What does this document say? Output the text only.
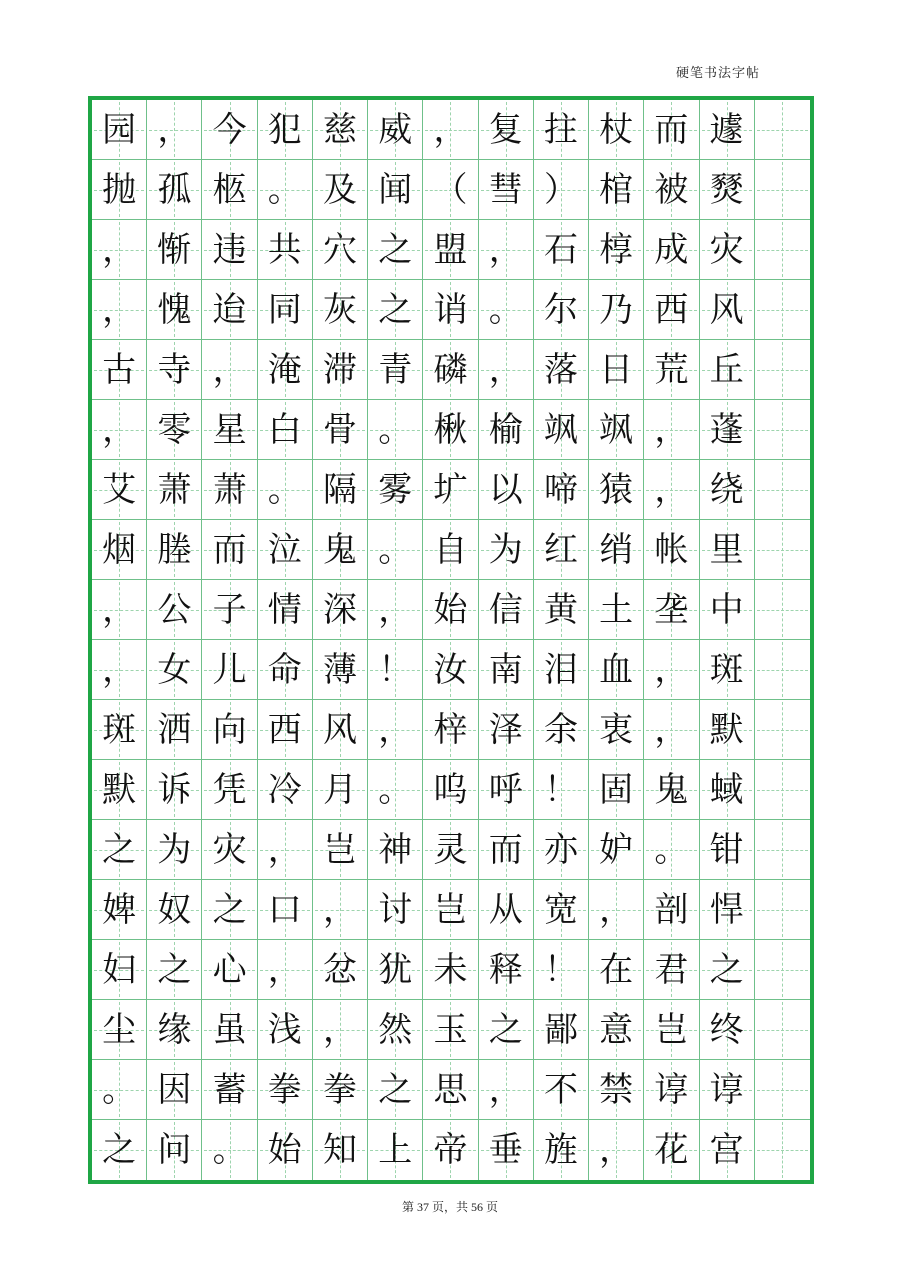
硬笔书法字帖
园 ， 今 犯 慈 威 ， 复 拄 杖 而 遽
抛 孤 柩 。 及 闻 （ 彗 ） 棺 被 燹
， 惭 违 共 穴 之 盟 ， 石 椁 成 灾
， 愧 迨 同 灰 之 诮 。 尔 乃 西 风
古 寺 ， 淹 滞 青 磷 ， 落 日 荒 丘
， 零 星 白 骨 。 楸 榆 飒 飒 ， 蓬
艾 萧 萧 。 隔 雾 圹 以 啼 猿 ， 绕
烟 塍 而 泣 鬼 。 自 为 红 绡 帐 里
， 公 子 情 深 ， 始 信 黄 土 垄 中
， 女 儿 命 薄 ！ 汝 南 泪 血 ， 斑
斑 洒 向 西 风 ， 梓 泽 余 衷 ， 默
默 诉 凭 冷 月 。 呜 呼 ！ 固 鬼 蜮
之 为 灾 ， 岂 神 灵 而 亦 妒 。 钳
婢 奴 之 口 ， 讨 岂 从 宽 ， 剖 悍
妇 之 心 ， 忿 犹 未 释 ！ 在 君 之
尘 缘 虽 浅 ， 然 玉 之 鄙 意 岂 终
。 因 蓄 拳 拳 之 思 ， 不 禁 谆 谆
之 问 。 始 知 上 帝 垂 旌 ， 花 宫
第 37 页，共 56 页
